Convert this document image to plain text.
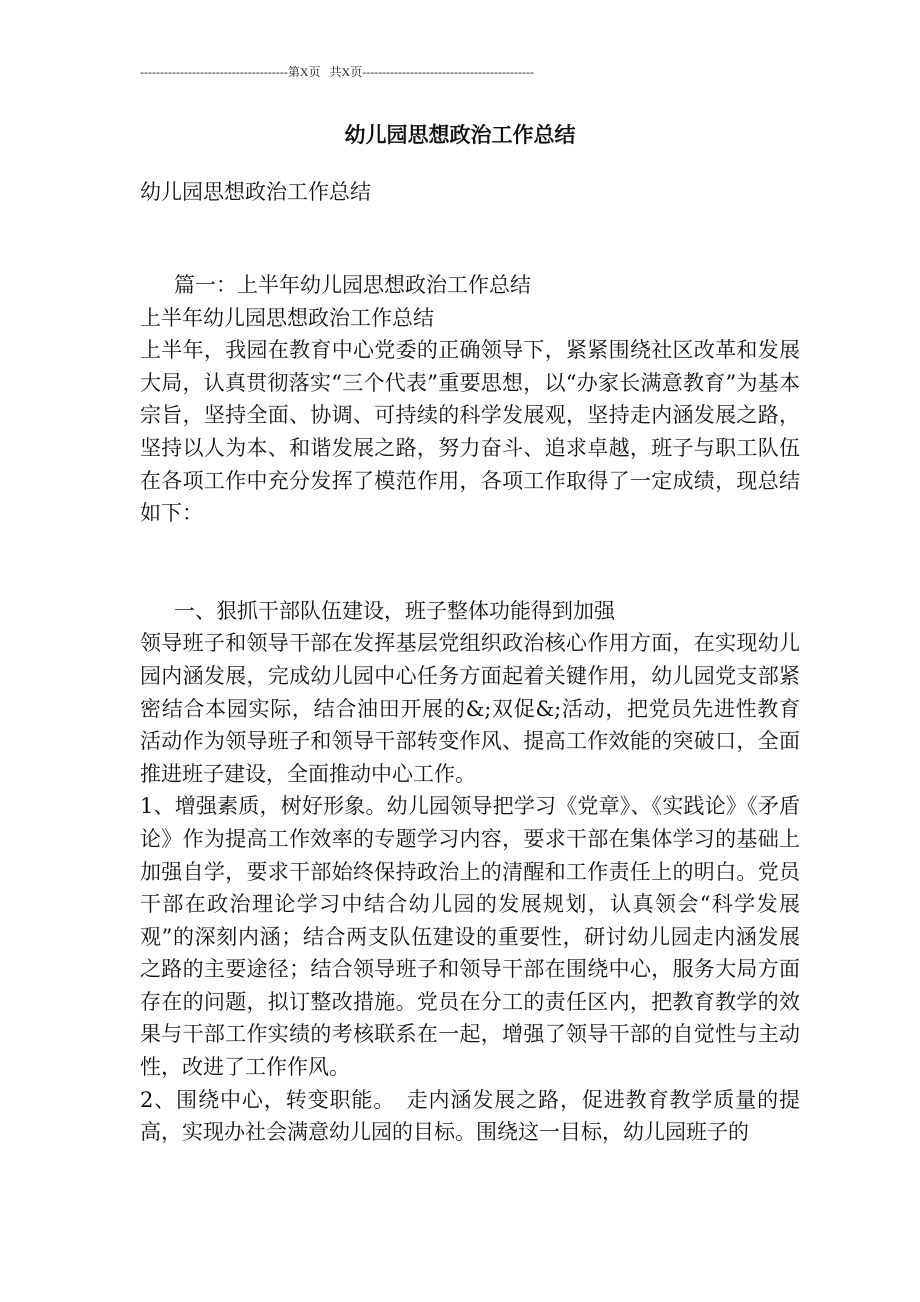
-------------------------------------第X页 共X页-------------------------------------------
幼儿园思想政治工作总结

幼儿园思想政治工作总结

篇一：上半年幼儿园思想政治工作总结

上半年幼儿园思想政治工作总结

上半年，我园在教育中心党委的正确领导下，紧紧围绕社区改革和发展大局，认真贯彻落实“三个代表”重要思想，以“办家长满意教育”为基本宗旨，坚持全面、协调、可持续的科学发展观，坚持走内涵发展之路，坚持以人为本、和谐发展之路，努力奋斗、追求卓越，班子与职工队伍在各项工作中充分发挥了模范作用，各项工作取得了一定成绩，现总结如下：

一、狠抓干部队伍建设，班子整体功能得到加强

领导班子和领导干部在发挥基层党组织政治核心作用方面，在实现幼儿园内涵发展，完成幼儿园中心任务方面起着关键作用，幼儿园党支部紧密结合本园实际，结合油田开展的&;双促&;活动，把党员先进性教育活动作为领导班子和领导干部转变作风、提高工作效能的突破口，全面推进班子建设，全面推动中心工作。

1、增强素质，树好形象。幼儿园领导把学习《党章》、《实践论》《矛盾论》作为提高工作效率的专题学习内容，要求干部在集体学习的基础上加强自学，要求干部始终保持政治上的清醒和工作责任上的明白。党员干部在政治理论学习中结合幼儿园的发展规划，认真领会“科学发展观”的深刻内涵；结合两支队伍建设的重要性，研讨幼儿园走内涵发展之路的主要途径；结合领导班子和领导干部在围绕中心，服务大局方面存在的问题，拟订整改措施。党员在分工的责任区内，把教育教学的效果与干部工作实绩的考核联系在一起，增强了领导干部的自觉性与主动性，改进了工作作风。

2、围绕中心，转变职能。　走内涵发展之路，促进教育教学质量的提高，实现办社会满意幼儿园的目标。围绕这一目标，幼儿园班子的
